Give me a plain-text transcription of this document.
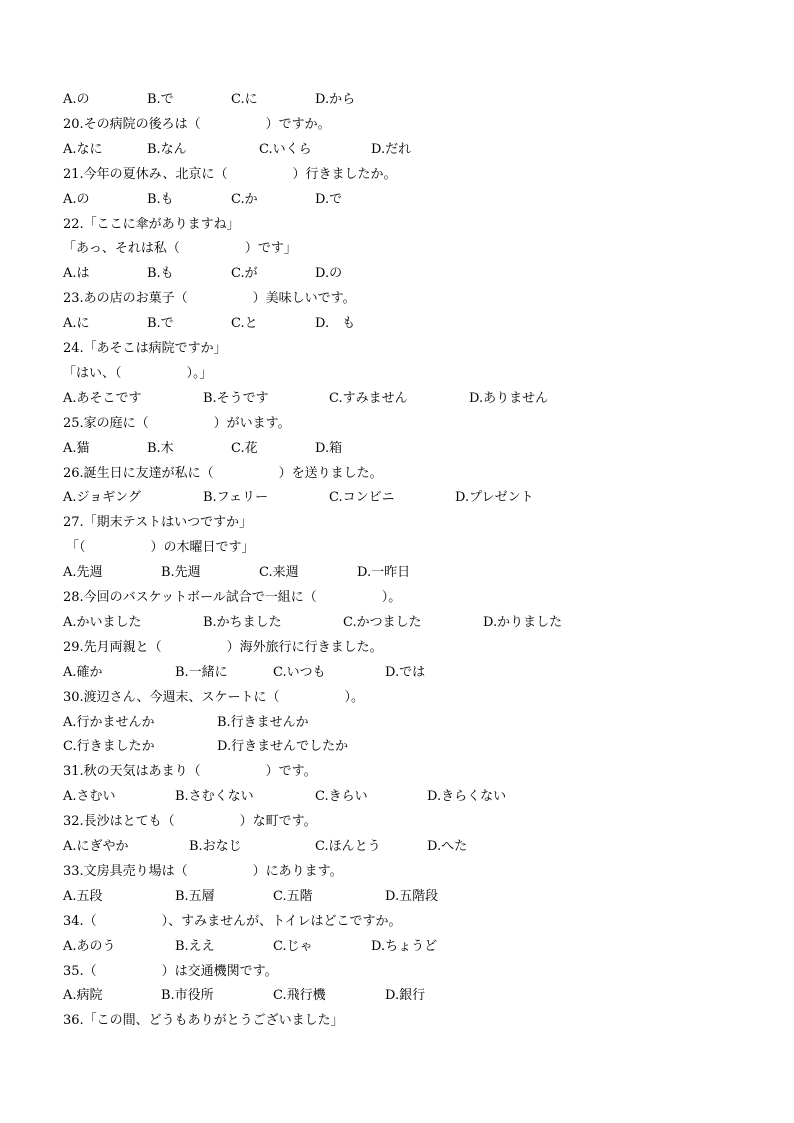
A.の	B.で	C.に	D.から
20.その病院の後ろは（　　　　　）ですか。
A.なに	B.なん	C.いくら	D.だれ
21.今年の夏休み、北京に（　　　　　）行きましたか。
A.の	B.も	C.か	D.で
22.「ここに傘がありますね」
「あっ、それは私（　　　　　）です」
A.は	B.も	C.が	D.の
23.あの店のお菓子（　　　　　）美味しいです。
A.に	B.で	C.と	D.　も
24.「あそこは病院ですか」
「はい、（　　　　　）。」
A.あそこです	B.そうです	C.すみません	D.ありません
25.家の庭に（　　　　　）がいます。
A.猫	B.木	C.花	D.箱
26.誕生日に友達が私に（　　　　　）を送りました。
A.ジョギング	B.フェリー	C.コンビニ	D.プレゼント
27.「期末テストはいつですか」
「（　　　　　）の木曜日です」
A.先週	B.先週	C.来週	D.一昨日
28.今回のバスケットボール試合で一組に（　　　　　）。
A.かいました	B.かちました	C.かつました	D.かりました
29.先月両親と（　　　　　）海外旅行に行きました。
A.確か	B.一緒に	C.いつも	D.では
30.渡辺さん、今週末、スケートに（　　　　　）。
A.行かませんか	B.行きませんか
C.行きましたか	D.行きませんでしたか
31.秋の天気はあまり（　　　　　）です。
A.さむい	B.さむくない	C.きらい	D.きらくない
32.長沙はとても（　　　　　）な町です。
A.にぎやか	B.おなじ	C.ほんとう	D.へた
33.文房具売り場は（　　　　　）にあります。
A.五段	B.五層	C.五階	D.五階段
34.（　　　　　）、すみませんが、トイレはどこですか。
A.あのう	B.ええ	C.じゃ	D.ちょうど
35.（　　　　　）は交通機関です。
A.病院	B.市役所	C.飛行機	D.銀行
36.「この間、どうもありがとうございました」
